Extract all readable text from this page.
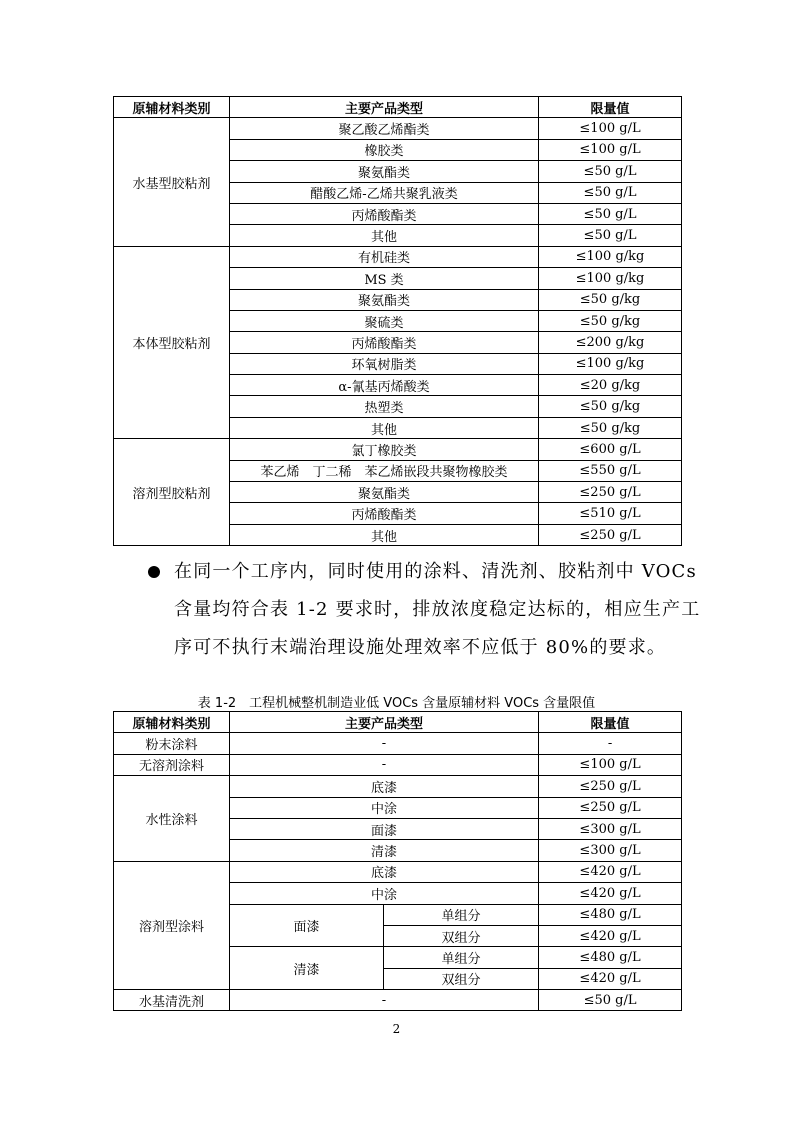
原辅材料类别	主要产品类型	限量值
水基型胶粘剂	聚乙酸乙烯酯类	≤100 g/L
	橡胶类	≤100 g/L
	聚氨酯类	≤50 g/L
	醋酸乙烯-乙烯共聚乳液类	≤50 g/L
	丙烯酸酯类	≤50 g/L
	其他	≤50 g/L
本体型胶粘剂	有机硅类	≤100 g/kg
	MS 类	≤100 g/kg
	聚氨酯类	≤50 g/kg
	聚硫类	≤50 g/kg
	丙烯酸酯类	≤200 g/kg
	环氧树脂类	≤100 g/kg
	α-氰基丙烯酸类	≤20 g/kg
	热塑类	≤50 g/kg
	其他	≤50 g/kg
溶剂型胶粘剂	氯丁橡胶类	≤600 g/L
	苯乙烯　丁二稀　苯乙烯嵌段共聚物橡胶类	≤550 g/L
	聚氨酯类	≤250 g/L
	丙烯酸酯类	≤510 g/L
	其他	≤250 g/L
在同一个工序内，同时使用的涂料、清洗剂、胶粘剂中 VOCs
含量均符合表 1-2 要求时，排放浓度稳定达标的，相应生产工
序可不执行末端治理设施处理效率不应低于 80%的要求。
表 1-2　工程机械整机制造业低 VOCs 含量原辅材料 VOCs 含量限值
原辅材料类别	主要产品类型		限量值
粉末涂料	-		-
无溶剂涂料	-		≤100 g/L
水性涂料	底漆		≤250 g/L
	中涂		≤250 g/L
	面漆		≤300 g/L
	清漆		≤300 g/L
溶剂型涂料	底漆		≤420 g/L
	中涂		≤420 g/L
	面漆	单组分	≤480 g/L
		双组分	≤420 g/L
	清漆	单组分	≤480 g/L
		双组分	≤420 g/L
水基清洗剂	-		≤50 g/L
2
